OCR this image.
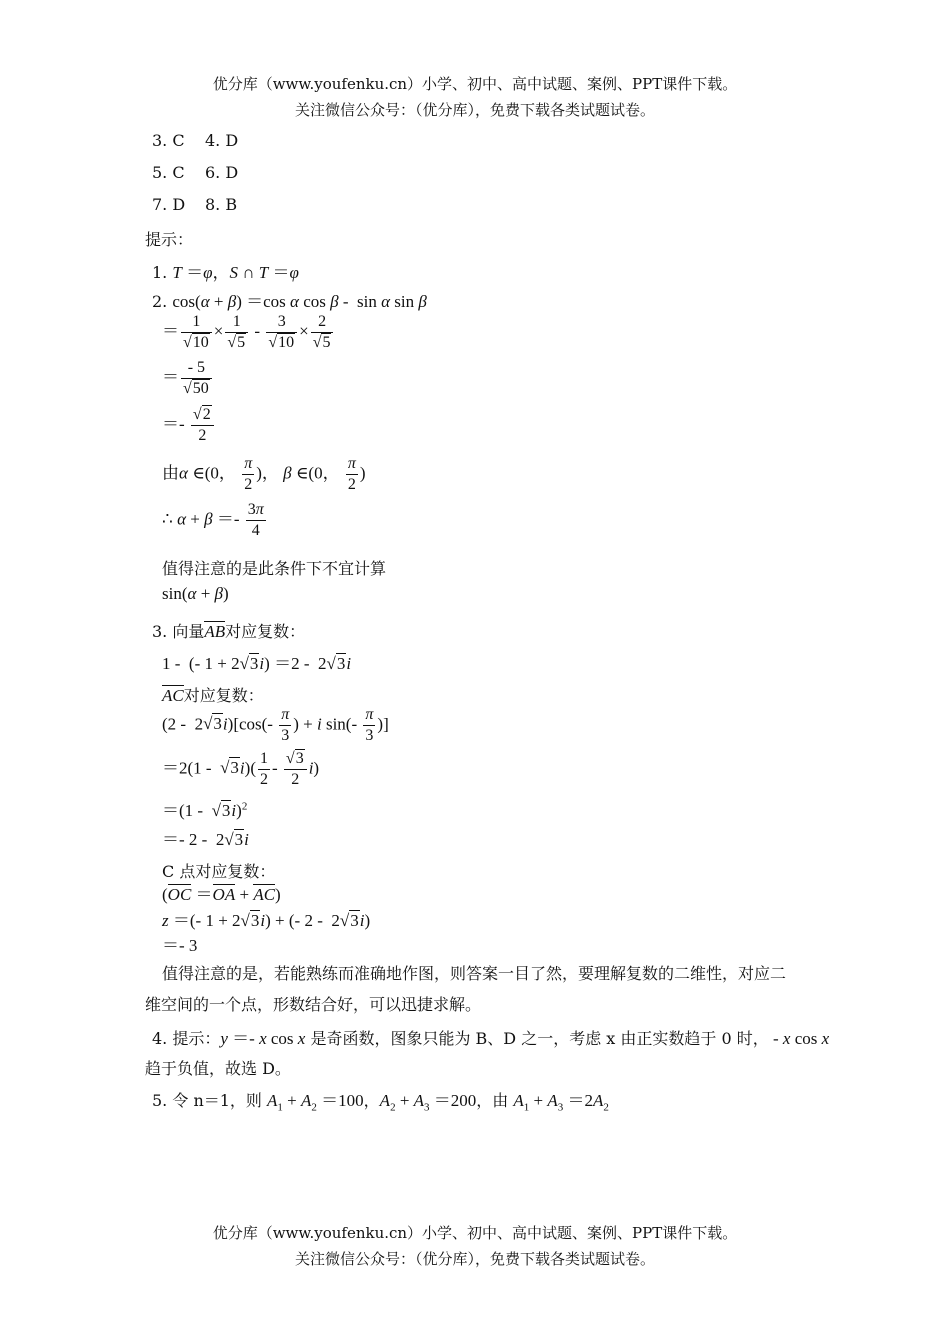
优分库（www.youfenku.cn）小学、初中、高中试题、案例、PPT课件下载。
关注微信公众号：（优分库），免费下载各类试题试卷。
3. C 4. D
5. C 6. D
7. D 8. B
提示：
1. T ＝φ，S ∩ T ＝φ
2. cos(α + β) ＝cos α cos β -  sin α sin β
＝ $\frac{1}{√10} \times \frac{1}{√5} - \frac{3}{√10} \times \frac{2}{√5}$
＝ $\frac{- 5}{√50}$
＝- $\frac{√2}{2}$
由α ∈(0， $\frac{\pi}{2}$ )， β ∈(0， $\frac{\pi}{2}$ )
∴ $\alpha + \beta =- \frac{3\pi}{4}$
值得注意的是此条件下不宜计算
sin(α + β)
3. 向量AB对应复数：
1 -  (- 1 + 2√3i) ＝2 -  2√3i
AC对应复数：
$(2 - 2√3i)[\cos(- \frac{\pi}{3}$ ) + i $\sin(- \frac{\pi}{3}$ )]
$=2(1 - √3i)( \frac{1}{2} - \frac{√3}{2} i)$
＝(1 -  √3i)$^2$
＝- 2 -  2√3i
C 点对应复数：
(OC ＝OA + AC)
z ＝(- 1 + 2√3i) + (- 2 -  2√3i)
＝- 3
值得注意的是，若能熟练而准确地作图，则答案一目了然，要理解复数的二维性，对应二
维空间的一个点，形数结合好，可以迅捷求解。
4. 提示：y ＝- x cos x 是奇函数，图象只能为 B、D 之一，考虑 x 由正实数趋于 0 时， - x cos x
趋于负值，故选 D。
5. 令 n＝1，则 $A_1 + A_2 =100$，$A_2 + A_3 =200$，由 $A_1 + A_3 =2A_2$
优分库（www.youfenku.cn）小学、初中、高中试题、案例、PPT课件下载。
关注微信公众号：（优分库），免费下载各类试题试卷。
